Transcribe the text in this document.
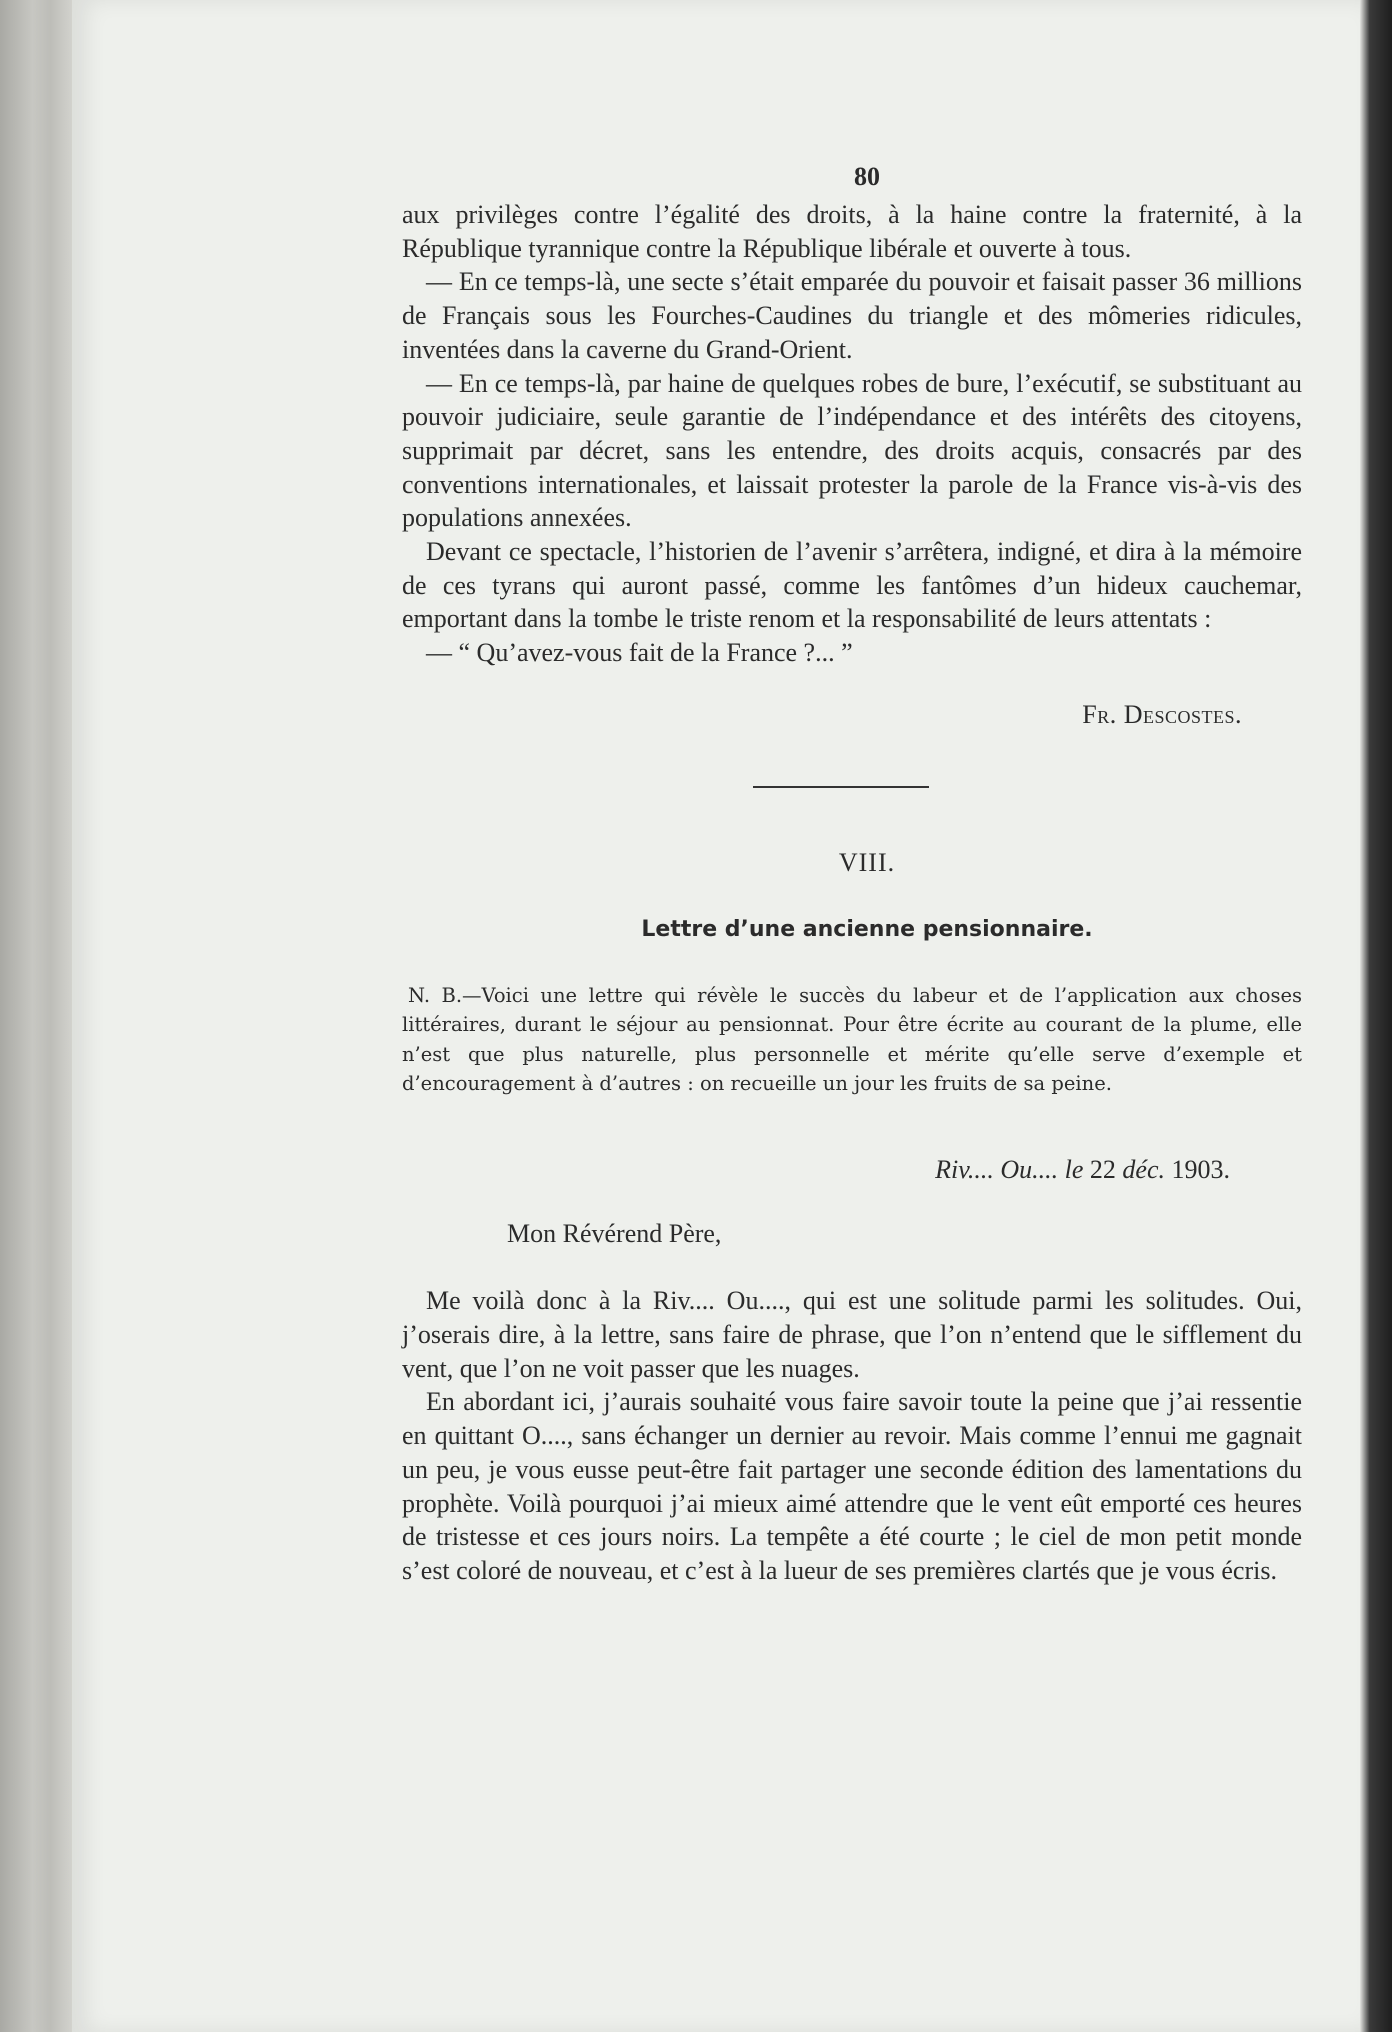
80

aux privilèges contre l’égalité des droits, à la haine contre la fraternité, à la République tyrannique contre la République libérale et ouverte à tous.

— En ce temps-là, une secte s’était emparée du pouvoir et faisait passer 36 millions de Français sous les Fourches-Caudines du triangle et des mômeries ridicules, inventées dans la caverne du Grand-Orient.

— En ce temps-là, par haine de quelques robes de bure, l’exécutif, se substituant au pouvoir judiciaire, seule garantie de l’indépendance et des intérêts des citoyens, supprimait par décret, sans les entendre, des droits acquis, consacrés par des conventions internationales, et laissait protester la parole de la France vis-à-vis des populations annexées.

Devant ce spectacle, l’historien de l’avenir s’arrêtera, indigné, et dira à la mémoire de ces tyrans qui auront passé, comme les fantômes d’un hideux cauchemar, emportant dans la tombe le triste renom et la responsabilité de leurs attentats :

— “ Qu’avez-vous fait de la France ?... ”

Fr. Descostes.
VIII.
Lettre d’une ancienne pensionnaire.
N. B.—Voici une lettre qui révèle le succès du labeur et de l’application aux choses littéraires, durant le séjour au pensionnat. Pour être écrite au courant de la plume, elle n’est que plus naturelle, plus personnelle et mérite qu’elle serve d’exemple et d’encouragement à d’autres : on recueille un jour les fruits de sa peine.
Riv.... Ou.... le 22 déc. 1903.
Mon Révérend Père,

Me voilà donc à la Riv.... Ou...., qui est une solitude parmi les solitudes. Oui, j’oserais dire, à la lettre, sans faire de phrase, que l’on n’entend que le sifflement du vent, que l’on ne voit passer que les nuages.

En abordant ici, j’aurais souhaité vous faire savoir toute la peine que j’ai ressentie en quittant O...., sans échanger un dernier au revoir. Mais comme l’ennui me gagnait un peu, je vous eusse peut-être fait partager une seconde édition des lamentations du prophète. Voilà pourquoi j’ai mieux aimé attendre que le vent eût emporté ces heures de tristesse et ces jours noirs. La tempête a été courte ; le ciel de mon petit monde s’est coloré de nouveau, et c’est à la lueur de ses premières clartés que je vous écris.
